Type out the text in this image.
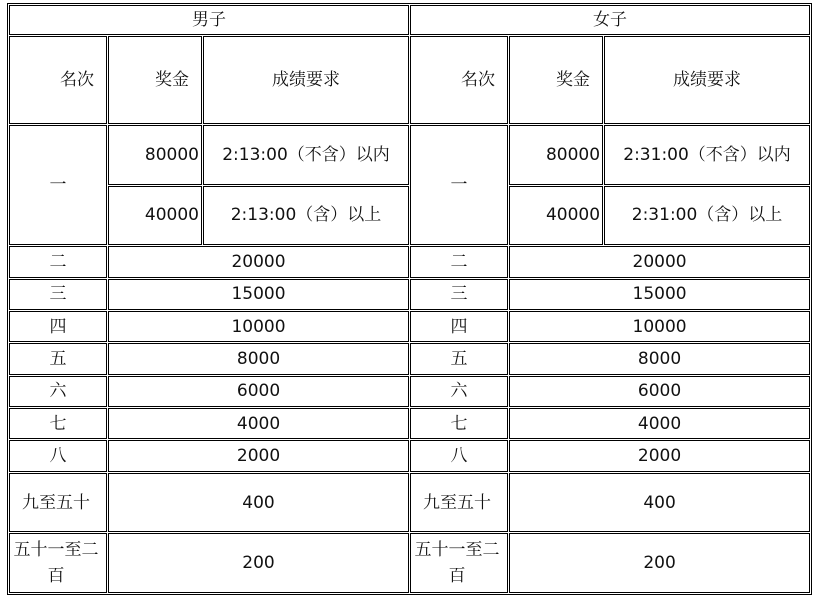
男子			女子		
名次	奖金	成绩要求	名次	奖金	成绩要求
一	80000	2:13:00（不含）以内	一	80000	2:31:00（不含）以内
	40000	2:13:00（含）以上		40000	2:31:00（含）以上
二	20000		二	20000	
三	15000		三	15000	
四	10000		四	10000	
五	8000		五	8000	
六	6000		六	6000	
七	4000		七	4000	
八	2000		八	2000	
九至五十	400		九至五十	400	
五十一至二百	200		五十一至二百	200	
